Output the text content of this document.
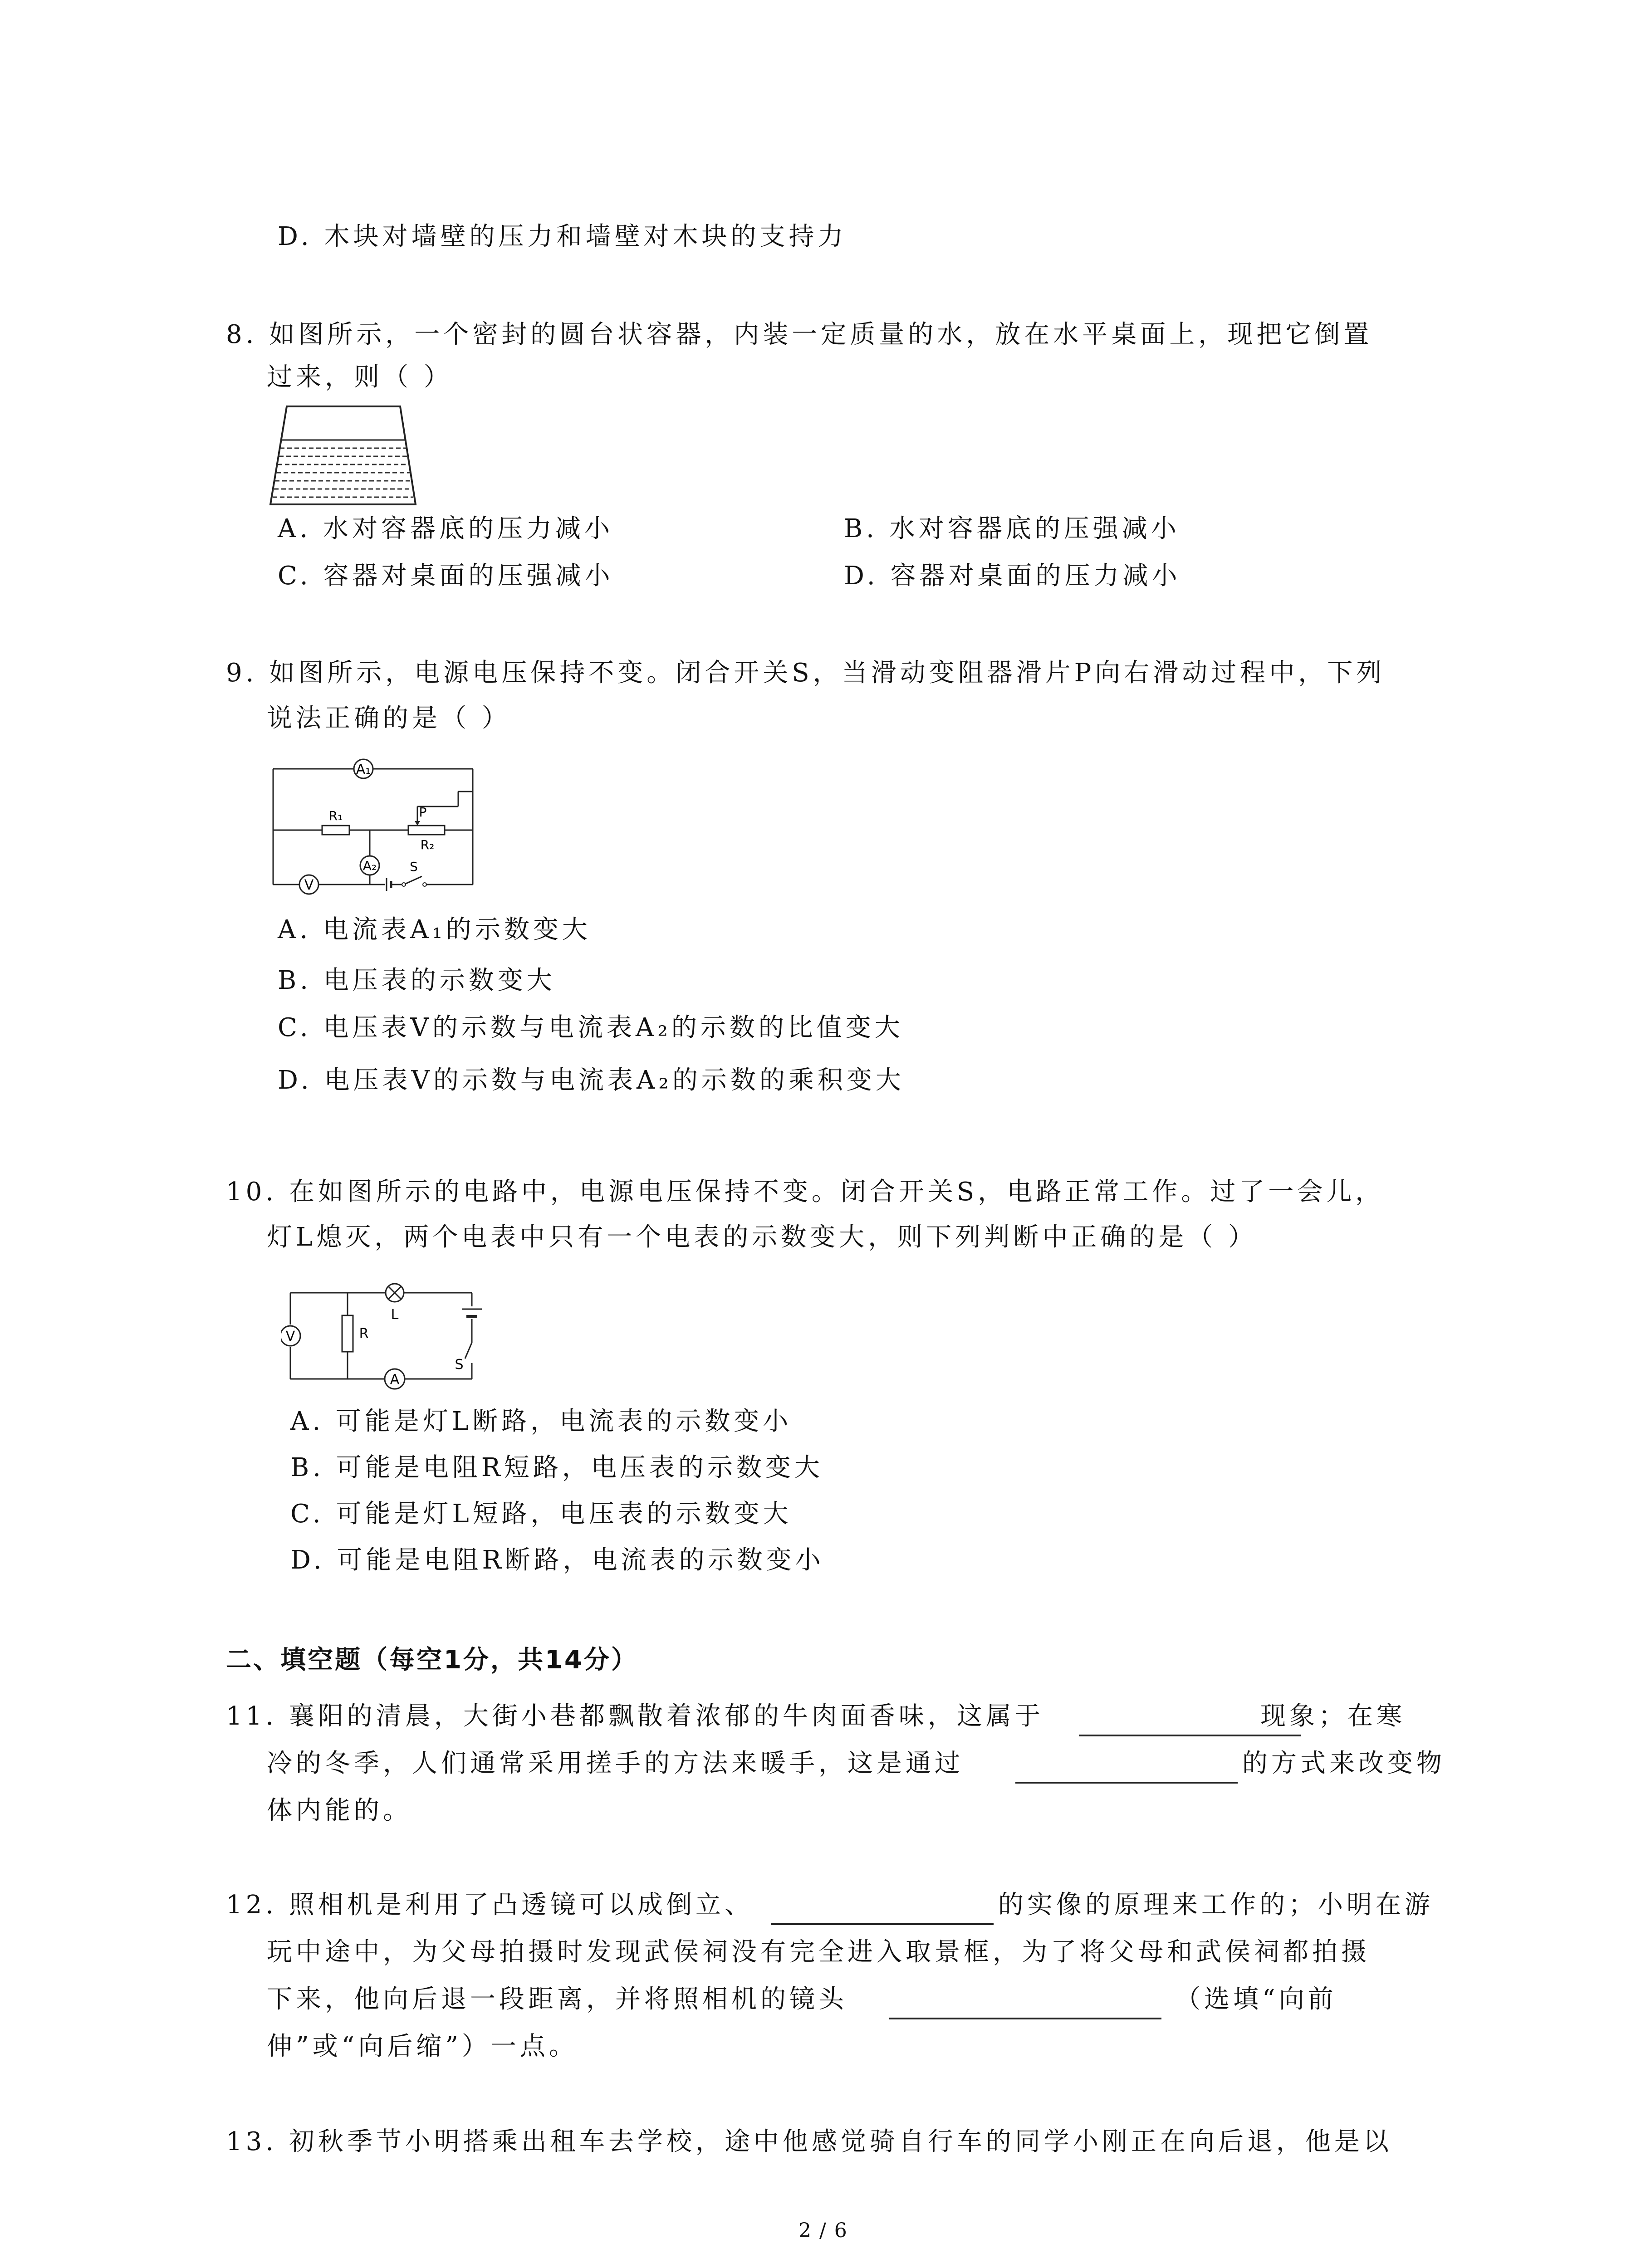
D. 木块对墙壁的压力和墙壁对木块的支持力
8. 如图所示，一个密封的圆台状容器，内装一定质量的水，放在水平桌面上，现把它倒置
过来，则（ ）
A. 水对容器底的压力减小	B. 水对容器底的压强减小
C. 容器对桌面的压强减小	D. 容器对桌面的压力减小
9. 如图所示，电源电压保持不变。闭合开关S，当滑动变阻器滑片P向右滑动过程中，下列
说法正确的是（ ）
A₁
R₁	P
R₂
A₂	S
V
A. 电流表A₁的示数变大
B. 电压表的示数变大
C. 电压表V的示数与电流表A₂的示数的比值变大
D. 电压表V的示数与电流表A₂的示数的乘积变大
10. 在如图所示的电路中，电源电压保持不变。闭合开关S，电路正常工作。过了一会儿，
灯L熄灭，两个电表中只有一个电表的示数变大，则下列判断中正确的是（ ）
L
V	R
A
S
A. 可能是灯L断路，电流表的示数变小
B. 可能是电阻R短路，电压表的示数变大
C. 可能是灯L短路，电压表的示数变大
D. 可能是电阻R断路，电流表的示数变小
二、填空题（每空1分，共14分）
11. 襄阳的清晨，大街小巷都飘散着浓郁的牛肉面香味，这属于	现象；在寒
冷的冬季，人们通常采用搓手的方法来暖手，这是通过	的方式来改变物
体内能的。
12. 照相机是利用了凸透镜可以成倒立、	的实像的原理来工作的；小明在游
玩中途中，为父母拍摄时发现武侯祠没有完全进入取景框，为了将父母和武侯祠都拍摄
下来，他向后退一段距离，并将照相机的镜头	（选填“向前
伸”或“向后缩”）一点。
13. 初秋季节小明搭乘出租车去学校，途中他感觉骑自行车的同学小刚正在向后退，他是以
2 / 6
